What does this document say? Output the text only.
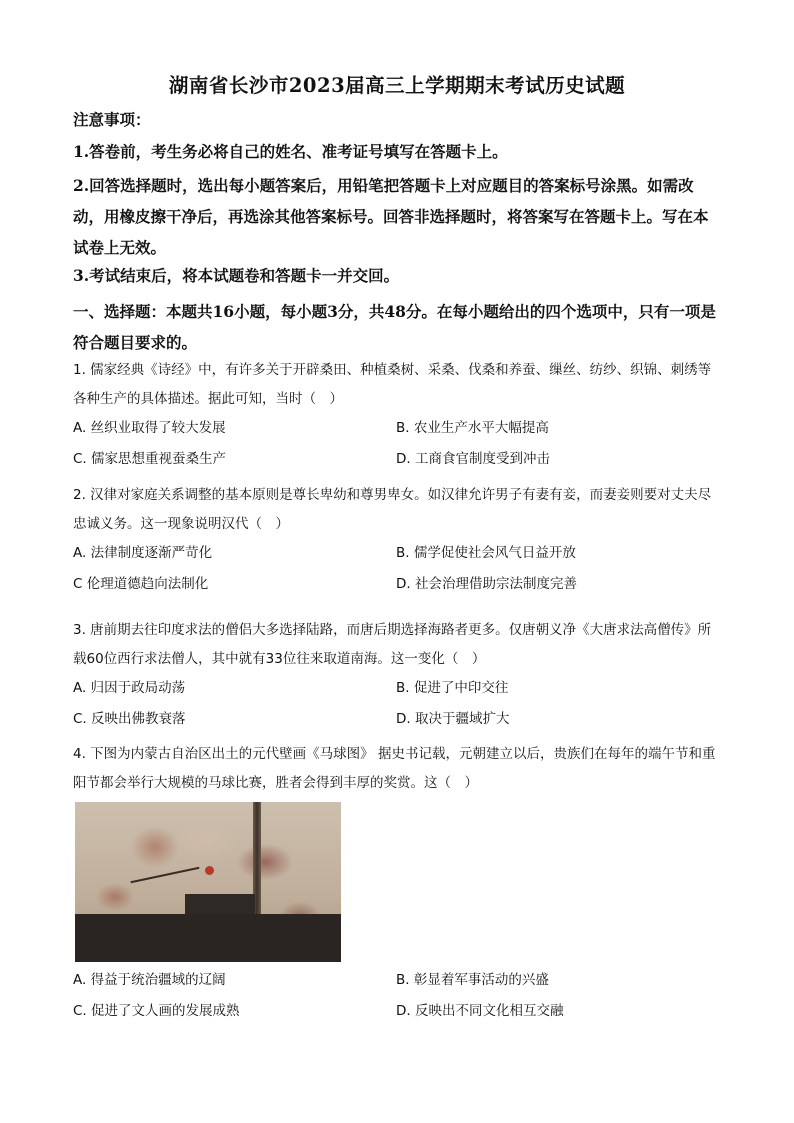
湖南省长沙市2023届高三上学期期末考试历史试题
注意事项：
1.答卷前，考生务必将自己的姓名、准考证号填写在答题卡上。
2.回答选择题时，选出每小题答案后，用铅笔把答题卡上对应题目的答案标号涂黑。如需改动，用橡皮擦干净后，再选涂其他答案标号。回答非选择题时，将答案写在答题卡上。写在本试卷上无效。
3.考试结束后，将本试题卷和答题卡一并交回。
一、选择题：本题共16小题，每小题3分，共48分。在每小题给出的四个选项中，只有一项是符合题目要求的。
1. 儒家经典《诗经》中，有许多关于开辟桑田、种植桑树、采桑、伐桑和养蚕、缫丝、纺纱、织锦、刺绣等各种生产的具体描述。据此可知，当时（　）
A. 丝织业取得了较大发展	B. 农业生产水平大幅提高
C. 儒家思想重视蚕桑生产	D. 工商食官制度受到冲击
2. 汉律对家庭关系调整的基本原则是尊长卑幼和尊男卑女。如汉律允许男子有妻有妾，而妻妾则要对丈夫尽忠诚义务。这一现象说明汉代（　）
A. 法律制度逐渐严苛化	B. 儒学促使社会风气日益开放
C 伦理道德趋向法制化	D. 社会治理借助宗法制度完善
3. 唐前期去往印度求法的僧侣大多选择陆路，而唐后期选择海路者更多。仅唐朝义净《大唐求法高僧传》所载60位西行求法僧人，其中就有33位往来取道南海。这一变化（　）
A. 归因于政局动荡	B. 促进了中印交往
C. 反映出佛教衰落	D. 取决于疆域扩大
4. 下图为内蒙古自治区出土的元代壁画《马球图》 据史书记载，元朝建立以后，贵族们在每年的端午节和重阳节都会举行大规模的马球比赛，胜者会得到丰厚的奖赏。这（　）
A. 得益于统治疆域的辽阔	B. 彰显着军事活动的兴盛
C. 促进了文人画的发展成熟	D. 反映出不同文化相互交融
